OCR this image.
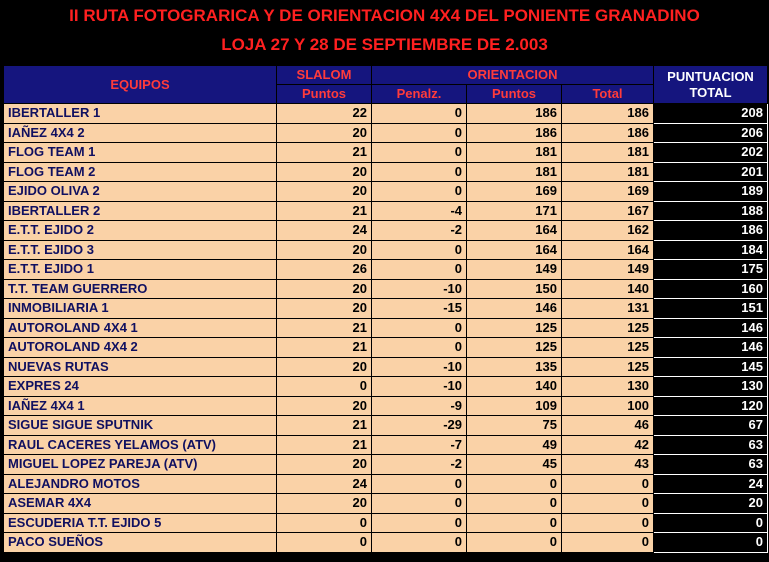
II RUTA FOTOGRARICA Y DE ORIENTACION 4X4 DEL PONIENTE GRANADINO
LOJA 27 Y 28 DE SEPTIEMBRE DE 2.003
EQUIPOS	SLALOM	ORIENTACION			PUNTUACION
TOTAL
	Puntos	Penalz.	Puntos	Total	
IBERTALLER 1	22	0	186	186	208
IAÑEZ 4X4 2	20	0	186	186	206
FLOG TEAM 1	21	0	181	181	202
FLOG TEAM 2	20	0	181	181	201
EJIDO OLIVA 2	20	0	169	169	189
IBERTALLER 2	21	-4	171	167	188
E.T.T. EJIDO 2	24	-2	164	162	186
E.T.T. EJIDO 3	20	0	164	164	184
E.T.T. EJIDO 1	26	0	149	149	175
T.T. TEAM GUERRERO	20	-10	150	140	160
INMOBILIARIA 1	20	-15	146	131	151
AUTOROLAND 4X4 1	21	0	125	125	146
AUTOROLAND 4X4 2	21	0	125	125	146
NUEVAS RUTAS	20	-10	135	125	145
EXPRES 24	0	-10	140	130	130
IAÑEZ 4X4 1	20	-9	109	100	120
SIGUE SIGUE SPUTNIK	21	-29	75	46	67
RAUL CACERES YELAMOS (ATV)	21	-7	49	42	63
MIGUEL LOPEZ PAREJA (ATV)	20	-2	45	43	63
ALEJANDRO MOTOS	24	0	0	0	24
ASEMAR 4X4	20	0	0	0	20
ESCUDERIA T.T. EJIDO 5	0	0	0	0	0
PACO SUEÑOS	0	0	0	0	0
